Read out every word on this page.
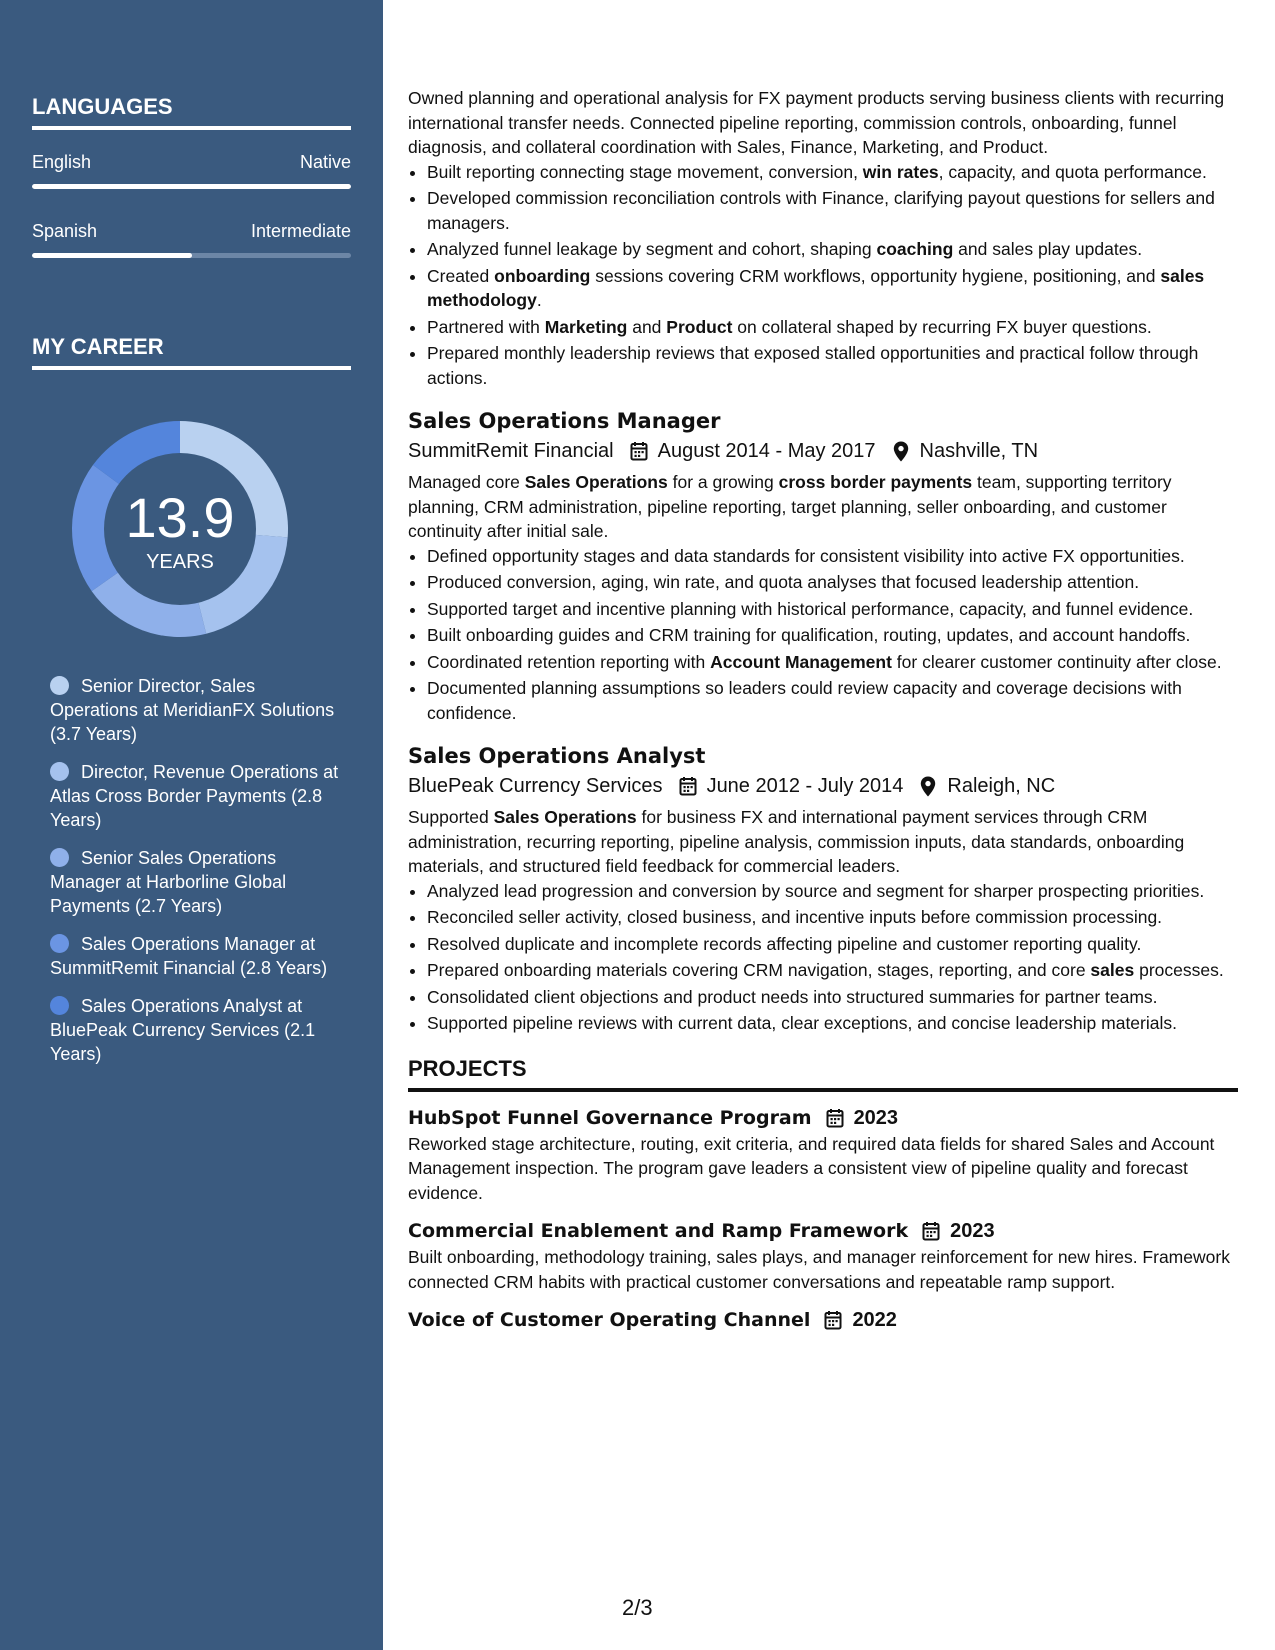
LANGUAGES
English	Native
Spanish	Intermediate
MY CAREER
13.9
YEARS
Senior Director, Sales Operations at MeridianFX Solutions (3.7 Years)
Director, Revenue Operations at Atlas Cross Border Payments (2.8 Years)
Senior Sales Operations Manager at Harborline Global Payments (2.7 Years)
Sales Operations Manager at SummitRemit Financial (2.8 Years)
Sales Operations Analyst at BluePeak Currency Services (2.1 Years)

Owned planning and operational analysis for FX payment products serving business clients with recurring international transfer needs. Connected pipeline reporting, commission controls, onboarding, funnel diagnosis, and collateral coordination with Sales, Finance, Marketing, and Product.

• Built reporting connecting stage movement, conversion, win rates, capacity, and quota performance.
• Developed commission reconciliation controls with Finance, clarifying payout questions for sellers and managers.
• Analyzed funnel leakage by segment and cohort, shaping coaching and sales play updates.
• Created onboarding sessions covering CRM workflows, opportunity hygiene, positioning, and sales methodology.
• Partnered with Marketing and Product on collateral shaped by recurring FX buyer questions.
• Prepared monthly leadership reviews that exposed stalled opportunities and practical follow through actions.
Sales Operations Manager
SummitRemit Financial August 2014 - May 2017 Nashville, TN

Managed core Sales Operations for a growing cross border payments team, supporting territory planning, CRM administration, pipeline reporting, target planning, seller onboarding, and customer continuity after initial sale.

• Defined opportunity stages and data standards for consistent visibility into active FX opportunities.
• Produced conversion, aging, win rate, and quota analyses that focused leadership attention.
• Supported target and incentive planning with historical performance, capacity, and funnel evidence.
• Built onboarding guides and CRM training for qualification, routing, updates, and account handoffs.
• Coordinated retention reporting with Account Management for clearer customer continuity after close.
• Documented planning assumptions so leaders could review capacity and coverage decisions with confidence.
Sales Operations Analyst
BluePeak Currency Services June 2012 - July 2014 Raleigh, NC

Supported Sales Operations for business FX and international payment services through CRM administration, recurring reporting, pipeline analysis, commission inputs, data standards, onboarding materials, and structured field feedback for commercial leaders.

• Analyzed lead progression and conversion by source and segment for sharper prospecting priorities.
• Reconciled seller activity, closed business, and incentive inputs before commission processing.
• Resolved duplicate and incomplete records affecting pipeline and customer reporting quality.
• Prepared onboarding materials covering CRM navigation, stages, reporting, and core sales processes.
• Consolidated client objections and product needs into structured summaries for partner teams.
• Supported pipeline reviews with current data, clear exceptions, and concise leadership materials.
PROJECTS
HubSpot Funnel Governance Program 2023

Reworked stage architecture, routing, exit criteria, and required data fields for shared Sales and Account Management inspection. The program gave leaders a consistent view of pipeline quality and forecast evidence.

Commercial Enablement and Ramp Framework 2023

Built onboarding, methodology training, sales plays, and manager reinforcement for new hires. Framework connected CRM habits with practical customer conversations and repeatable ramp support.

Voice of Customer Operating Channel 2022
2/3
